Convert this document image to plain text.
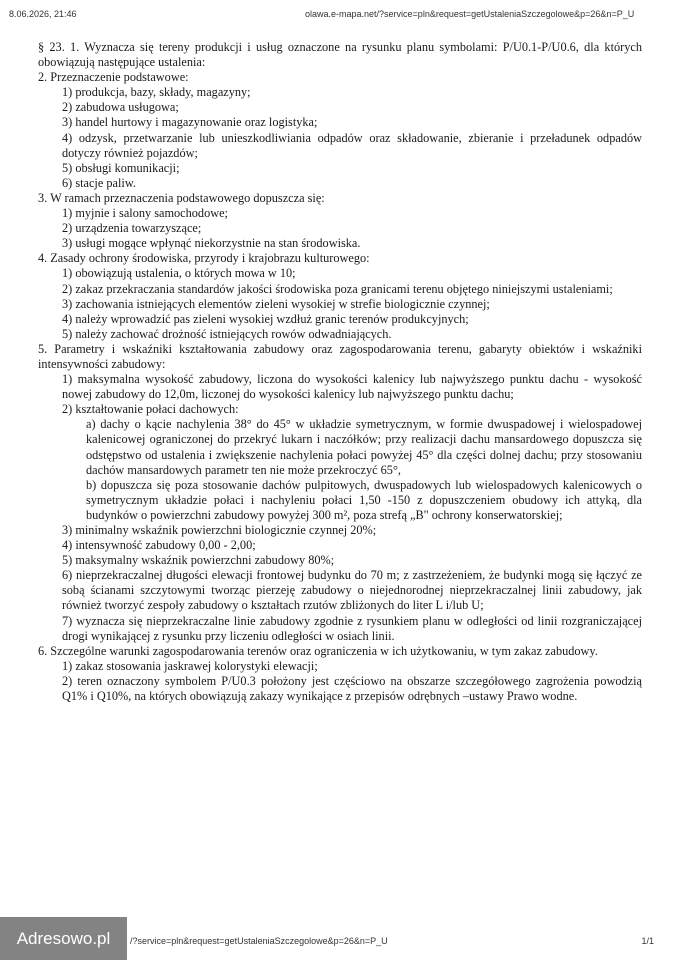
8.06.2026, 21:46	olawa.e-mapa.net/?service=pln&request=getUstaleniaSzczegolowe&p=26&n=P_U

§ 23. 1. Wyznacza się tereny produkcji i usług oznaczone na rysunku planu symbolami: P/U0.1-P/U0.6, dla których obowiązują następujące ustalenia:

2. Przeznaczenie podstawowe:

1) produkcja, bazy, składy, magazyny;

2) zabudowa usługowa;

3) handel hurtowy i magazynowanie oraz logistyka;

4) odzysk, przetwarzanie lub unieszkodliwiania odpadów oraz składowanie, zbieranie i przeładunek odpadów dotyczy również pojazdów;

5) obsługi komunikacji;

6) stacje paliw.

3. W ramach przeznaczenia podstawowego dopuszcza się:

1) myjnie i salony samochodowe;

2) urządzenia towarzyszące;

3) usługi mogące wpłynąć niekorzystnie na stan środowiska.

4. Zasady ochrony środowiska, przyrody i krajobrazu kulturowego:

1) obowiązują ustalenia, o których mowa w 10;

2) zakaz przekraczania standardów jakości środowiska poza granicami terenu objętego niniejszymi ustaleniami;

3) zachowania istniejących elementów zieleni wysokiej w strefie biologicznie czynnej;

4) należy wprowadzić pas zieleni wysokiej wzdłuż granic terenów produkcyjnych;

5) należy zachować drożność istniejących rowów odwadniających.

5. Parametry i wskaźniki kształtowania zabudowy oraz zagospodarowania terenu, gabaryty obiektów i wskaźniki intensywności zabudowy:

1) maksymalna wysokość zabudowy, liczona do wysokości kalenicy lub najwyższego punktu dachu - wysokość nowej zabudowy do 12,0m, liczonej do wysokości kalenicy lub najwyższego punktu dachu;

2) kształtowanie połaci dachowych:

a) dachy o kącie nachylenia 38° do 45° w układzie symetrycznym, w formie dwuspadowej i wielospadowej kalenicowej ograniczonej do przekryć lukarn i naczółków; przy realizacji dachu mansardowego dopuszcza się odstępstwo od ustalenia i zwiększenie nachylenia połaci powyżej 45° dla części dolnej dachu; przy stosowaniu dachów mansardowych parametr ten nie może przekroczyć 65°,

b) dopuszcza się poza stosowanie dachów pulpitowych, dwuspadowych lub wielospadowych kalenicowych o symetrycznym układzie połaci i nachyleniu połaci 1,50 -150 z dopuszczeniem obudowy ich attyką, dla budynków o powierzchni zabudowy powyżej 300 m², poza strefą „B" ochrony konserwatorskiej;

3) minimalny wskaźnik powierzchni biologicznie czynnej 20%;

4) intensywność zabudowy 0,00 - 2,00;

5) maksymalny wskaźnik powierzchni zabudowy 80%;

6) nieprzekraczalnej długości elewacji frontowej budynku do 70 m; z zastrzeżeniem, że budynki mogą się łączyć ze sobą ścianami szczytowymi tworząc pierzeję zabudowy o niejednorodnej nieprzekraczalnej linii zabudowy, jak również tworzyć zespoły zabudowy o kształtach rzutów zbliżonych do liter L i/lub U;

7) wyznacza się nieprzekraczalne linie zabudowy zgodnie z rysunkiem planu w odległości od linii rozgraniczającej drogi wynikającej z rysunku przy liczeniu odległości w osiach linii.

6. Szczególne warunki zagospodarowania terenów oraz ograniczenia w ich użytkowaniu, w tym zakaz zabudowy.

1) zakaz stosowania jaskrawej kolorystyki elewacji;

2) teren oznaczony symbolem P/U0.3 położony jest częściowo na obszarze szczegółowego zagrożenia powodzią Q1% i Q10%, na których obowiązują zakazy wynikające z przepisów odrębnych –ustawy Prawo wodne.

/?service=pln&request=getUstaleniaSzczegolowe&p=26&n=P_U	1/1
Adresowo.pl
